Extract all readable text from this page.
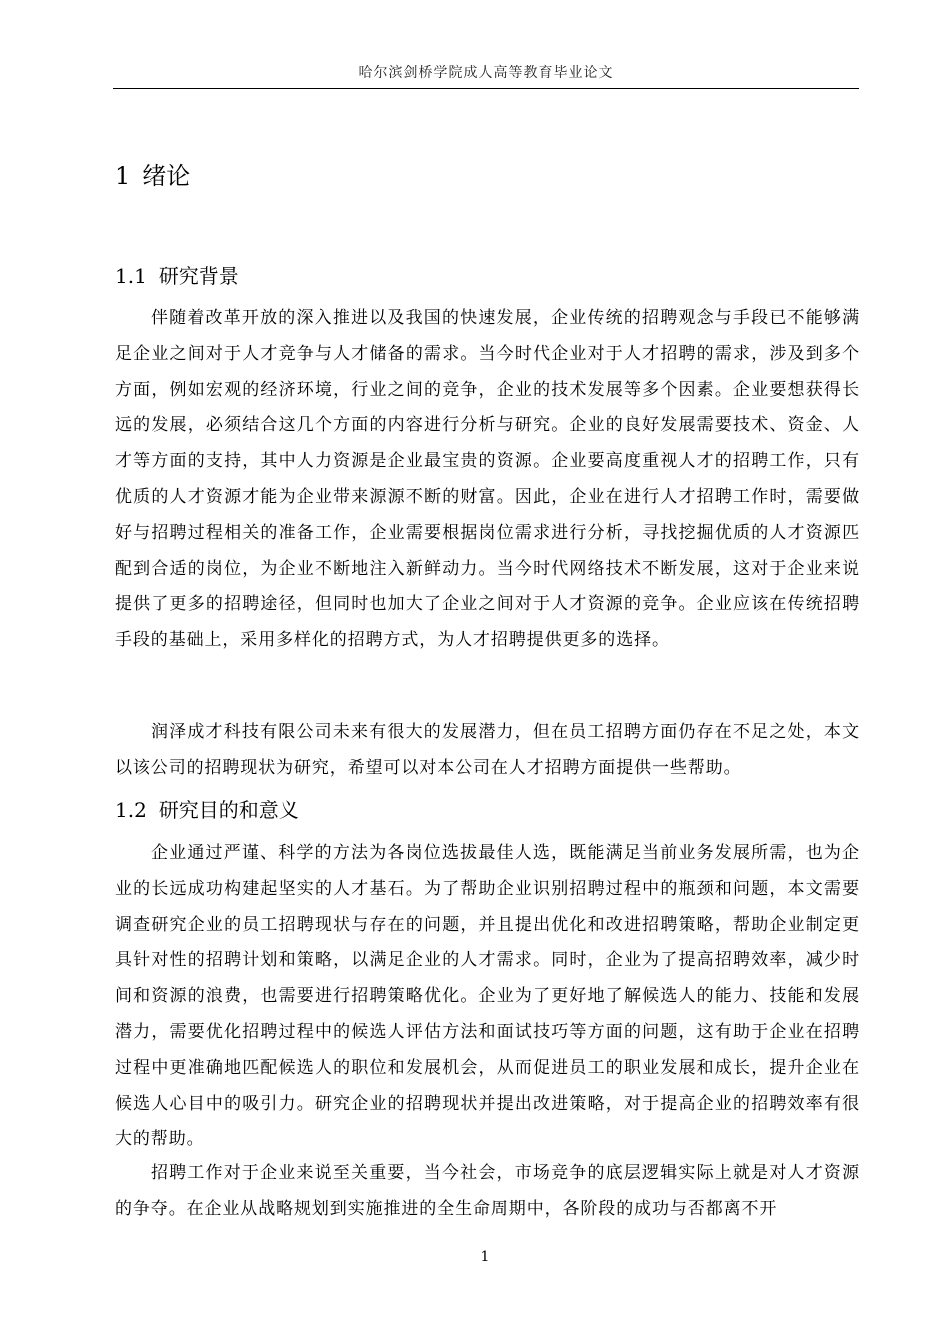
哈尔滨剑桥学院成人高等教育毕业论文
1 绪论
1.1 研究背景

伴随着改革开放的深入推进以及我国的快速发展，企业传统的招聘观念与手段已不能够满足企业之间对于人才竞争与人才储备的需求。当今时代企业对于人才招聘的需求，涉及到多个方面，例如宏观的经济环境，行业之间的竞争，企业的技术发展等多个因素。企业要想获得长远的发展，必须结合这几个方面的内容进行分析与研究。企业的良好发展需要技术、资金、人才等方面的支持，其中人力资源是企业最宝贵的资源。企业要高度重视人才的招聘工作，只有优质的人才资源才能为企业带来源源不断的财富。因此，企业在进行人才招聘工作时，需要做好与招聘过程相关的准备工作，企业需要根据岗位需求进行分析，寻找挖掘优质的人才资源匹配到合适的岗位，为企业不断地注入新鲜动力。当今时代网络技术不断发展，这对于企业来说提供了更多的招聘途径，但同时也加大了企业之间对于人才资源的竞争。企业应该在传统招聘手段的基础上，采用多样化的招聘方式，为人才招聘提供更多的选择。

润泽成才科技有限公司未来有很大的发展潜力，但在员工招聘方面仍存在不足之处，本文以该公司的招聘现状为研究，希望可以对本公司在人才招聘方面提供一些帮助。

1.2 研究目的和意义

企业通过严谨、科学的方法为各岗位选拔最佳人选，既能满足当前业务发展所需，也为企业的长远成功构建起坚实的人才基石。为了帮助企业识别招聘过程中的瓶颈和问题，本文需要调查研究企业的员工招聘现状与存在的问题，并且提出优化和改进招聘策略，帮助企业制定更具针对性的招聘计划和策略，以满足企业的人才需求。同时，企业为了提高招聘效率，减少时间和资源的浪费，也需要进行招聘策略优化。企业为了更好地了解候选人的能力、技能和发展潜力，需要优化招聘过程中的候选人评估方法和面试技巧等方面的问题，这有助于企业在招聘过程中更准确地匹配候选人的职位和发展机会，从而促进员工的职业发展和成长，提升企业在候选人心目中的吸引力。研究企业的招聘现状并提出改进策略，对于提高企业的招聘效率有很大的帮助。

招聘工作对于企业来说至关重要，当今社会，市场竞争的底层逻辑实际上就是对人才资源的争夺。在企业从战略规划到实施推进的全生命周期中，各阶段的成功与否都离不开

1
